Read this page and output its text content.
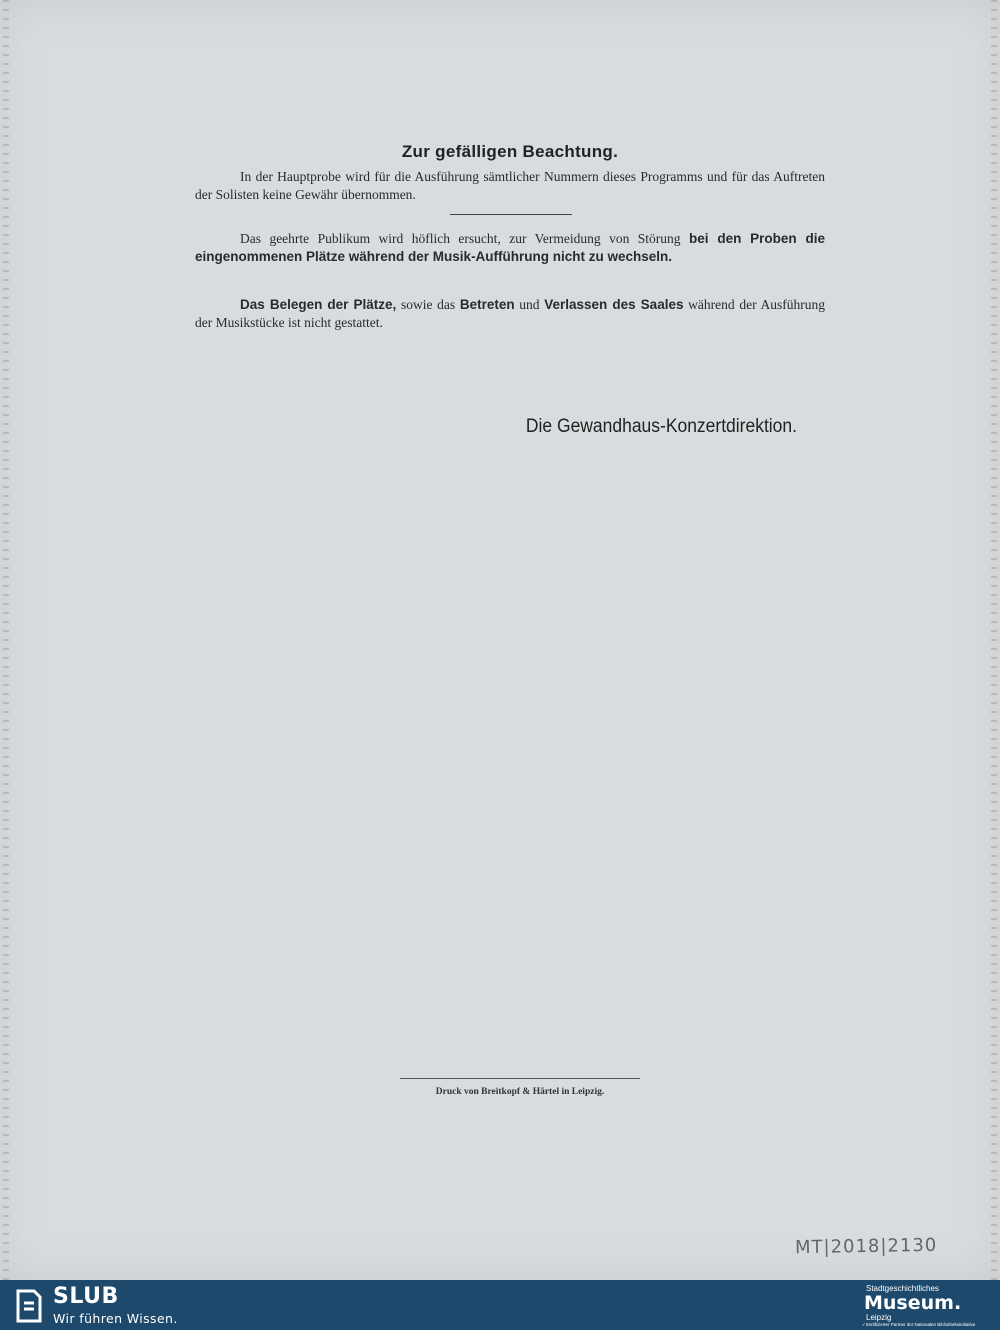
Zur gefälligen Beachtung.
In der Hauptprobe wird für die Ausführung sämtlicher Nummern dieses Programms und für das Auftreten der Solisten keine Gewähr übernommen.
Das geehrte Publikum wird höflich ersucht, zur Vermeidung von Störung bei den Proben die eingenommenen Plätze während der Musik-Aufführung nicht zu wechseln.
Das Belegen der Plätze, sowie das Betreten und Verlassen des Saales während der Ausführung der Musikstücke ist nicht gestattet.
Die Gewandhaus-Konzertdirektion.
Druck von Breitkopf & Härtel in Leipzig.
MT|2018|2130
SLUB
Wir führen Wissen.
Stadtgeschichtliches
Museum.
Leipzig
✓Zertifizierter Partner der Nationalen Bibliotheksinitiative
